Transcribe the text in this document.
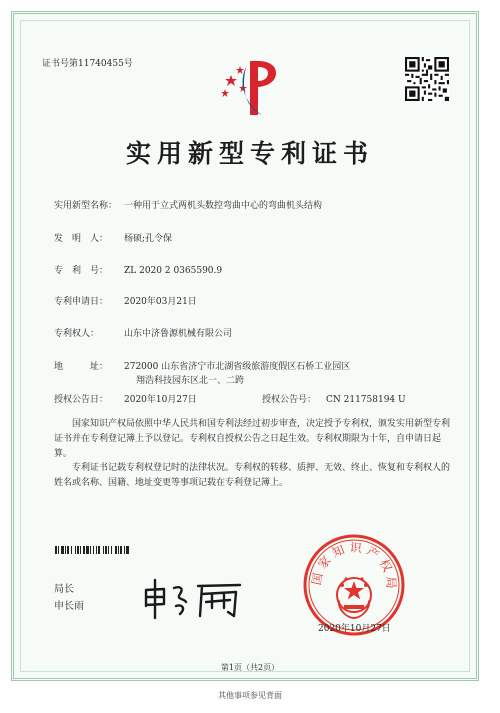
证书号第11740455号
实用新型专利证书
实用新型名称： 一种用于立式两机头数控弯曲中心的弯曲机头结构
发　明　人： 杨硕;孔令保
专　利　号： ZL 2020 2 0365590.9
专利申请日： 2020年03月21日
专利权人：	山东中济鲁源机械有限公司
地　　　址： 272000 山东省济宁市北湖省级旅游度假区石桥工业园区
翔浩科技园东区北一、二跨
授权公告日： 2020年10月27日	授权公告号： CN 211758194 U
国家知识产权局依照中华人民共和国专利法经过初步审查，决定授予专利权，颁发实用新型专利证书并在专利登记簿上予以登记。专利权自授权公告之日起生效。专利权期限为十年，自申请日起算。
专利证书记载专利权登记时的法律状况。专利权的转移、质押、无效、终止、恢复和专利权人的姓名或名称、国籍、地址变更等事项记载在专利登记簿上。
局长
申长雨
国家知识产权局
2020年10月27日
第1页（共2页）
其他事项参见背面
